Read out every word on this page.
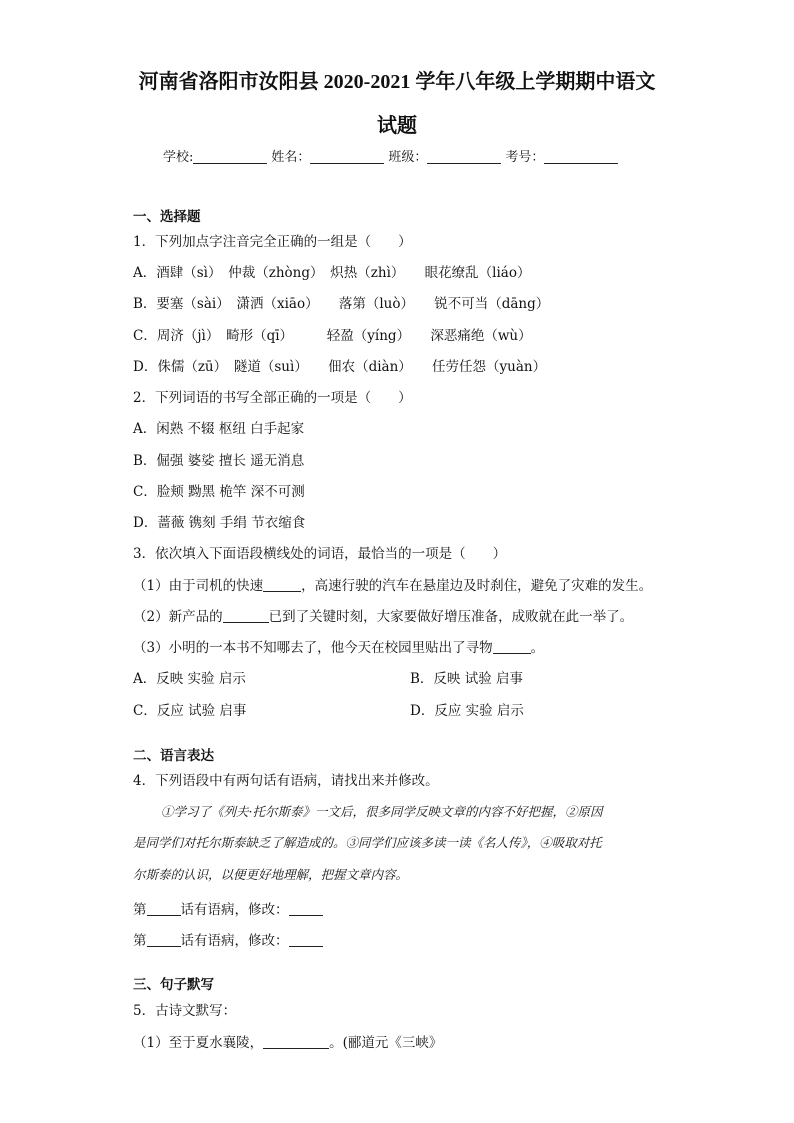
河南省洛阳市汝阳县 2020-2021 学年八年级上学期期中语文
试题
学校:	姓名：	班级：	考号：
一、选择题
1．下列加点字注音完全正确的一组是（　　）
A．酒肆（sì）　仲裁（zhòng）　炽热（zhì）　　眼花缭乱（liáo）
B．要塞（sài）　潇洒（xiāo）　　落第（luò）　　锐不可当（dāng）
C．周济（jì）　畸形（qī）　　　轻盈（yíng）　　深恶痛绝（wù）
D．侏儒（zū）　隧道（suì）　　佃农（diàn）　　任劳任怨（yuàn）
2．下列词语的书写全部正确的一项是（　　）
A．闲熟 不辍 枢纽 白手起家
B．倔强 婆娑 擅长 遥无消息
C．脸颊 黝黑 桅竿 深不可测
D．蔷薇 镌刻 手绢 节衣缩食
3．依次填入下面语段横线处的词语，最恰当的一项是（　　）
（1）由于司机的快速	，高速行驶的汽车在悬崖边及时刹住，避免了灾难的发生。
（2）新产品的	已到了关键时刻，大家要做好增压准备，成败就在此一举了。
（3）小明的一本书不知哪去了，他今天在校园里贴出了寻物	。
A．反映 实验 启示	B．反映 试验 启事
C．反应 试验 启事	D．反应 实验 启示
二、语言表达
4．下列语段中有两句话有语病，请找出来并修改。
①学习了《列夫·托尔斯泰》一文后，很多同学反映文章的内容不好把握，②原因
是同学们对托尔斯泰缺乏了解造成的。③同学们应该多读一读《名人传》，④吸取对托
尔斯泰的认识，以便更好地理解，把握文章内容。
第	话有语病，修改：
第	话有语病，修改：
三、句子默写
5．古诗文默写：
（1）至于夏水襄陵，	。(郦道元《三峡》
